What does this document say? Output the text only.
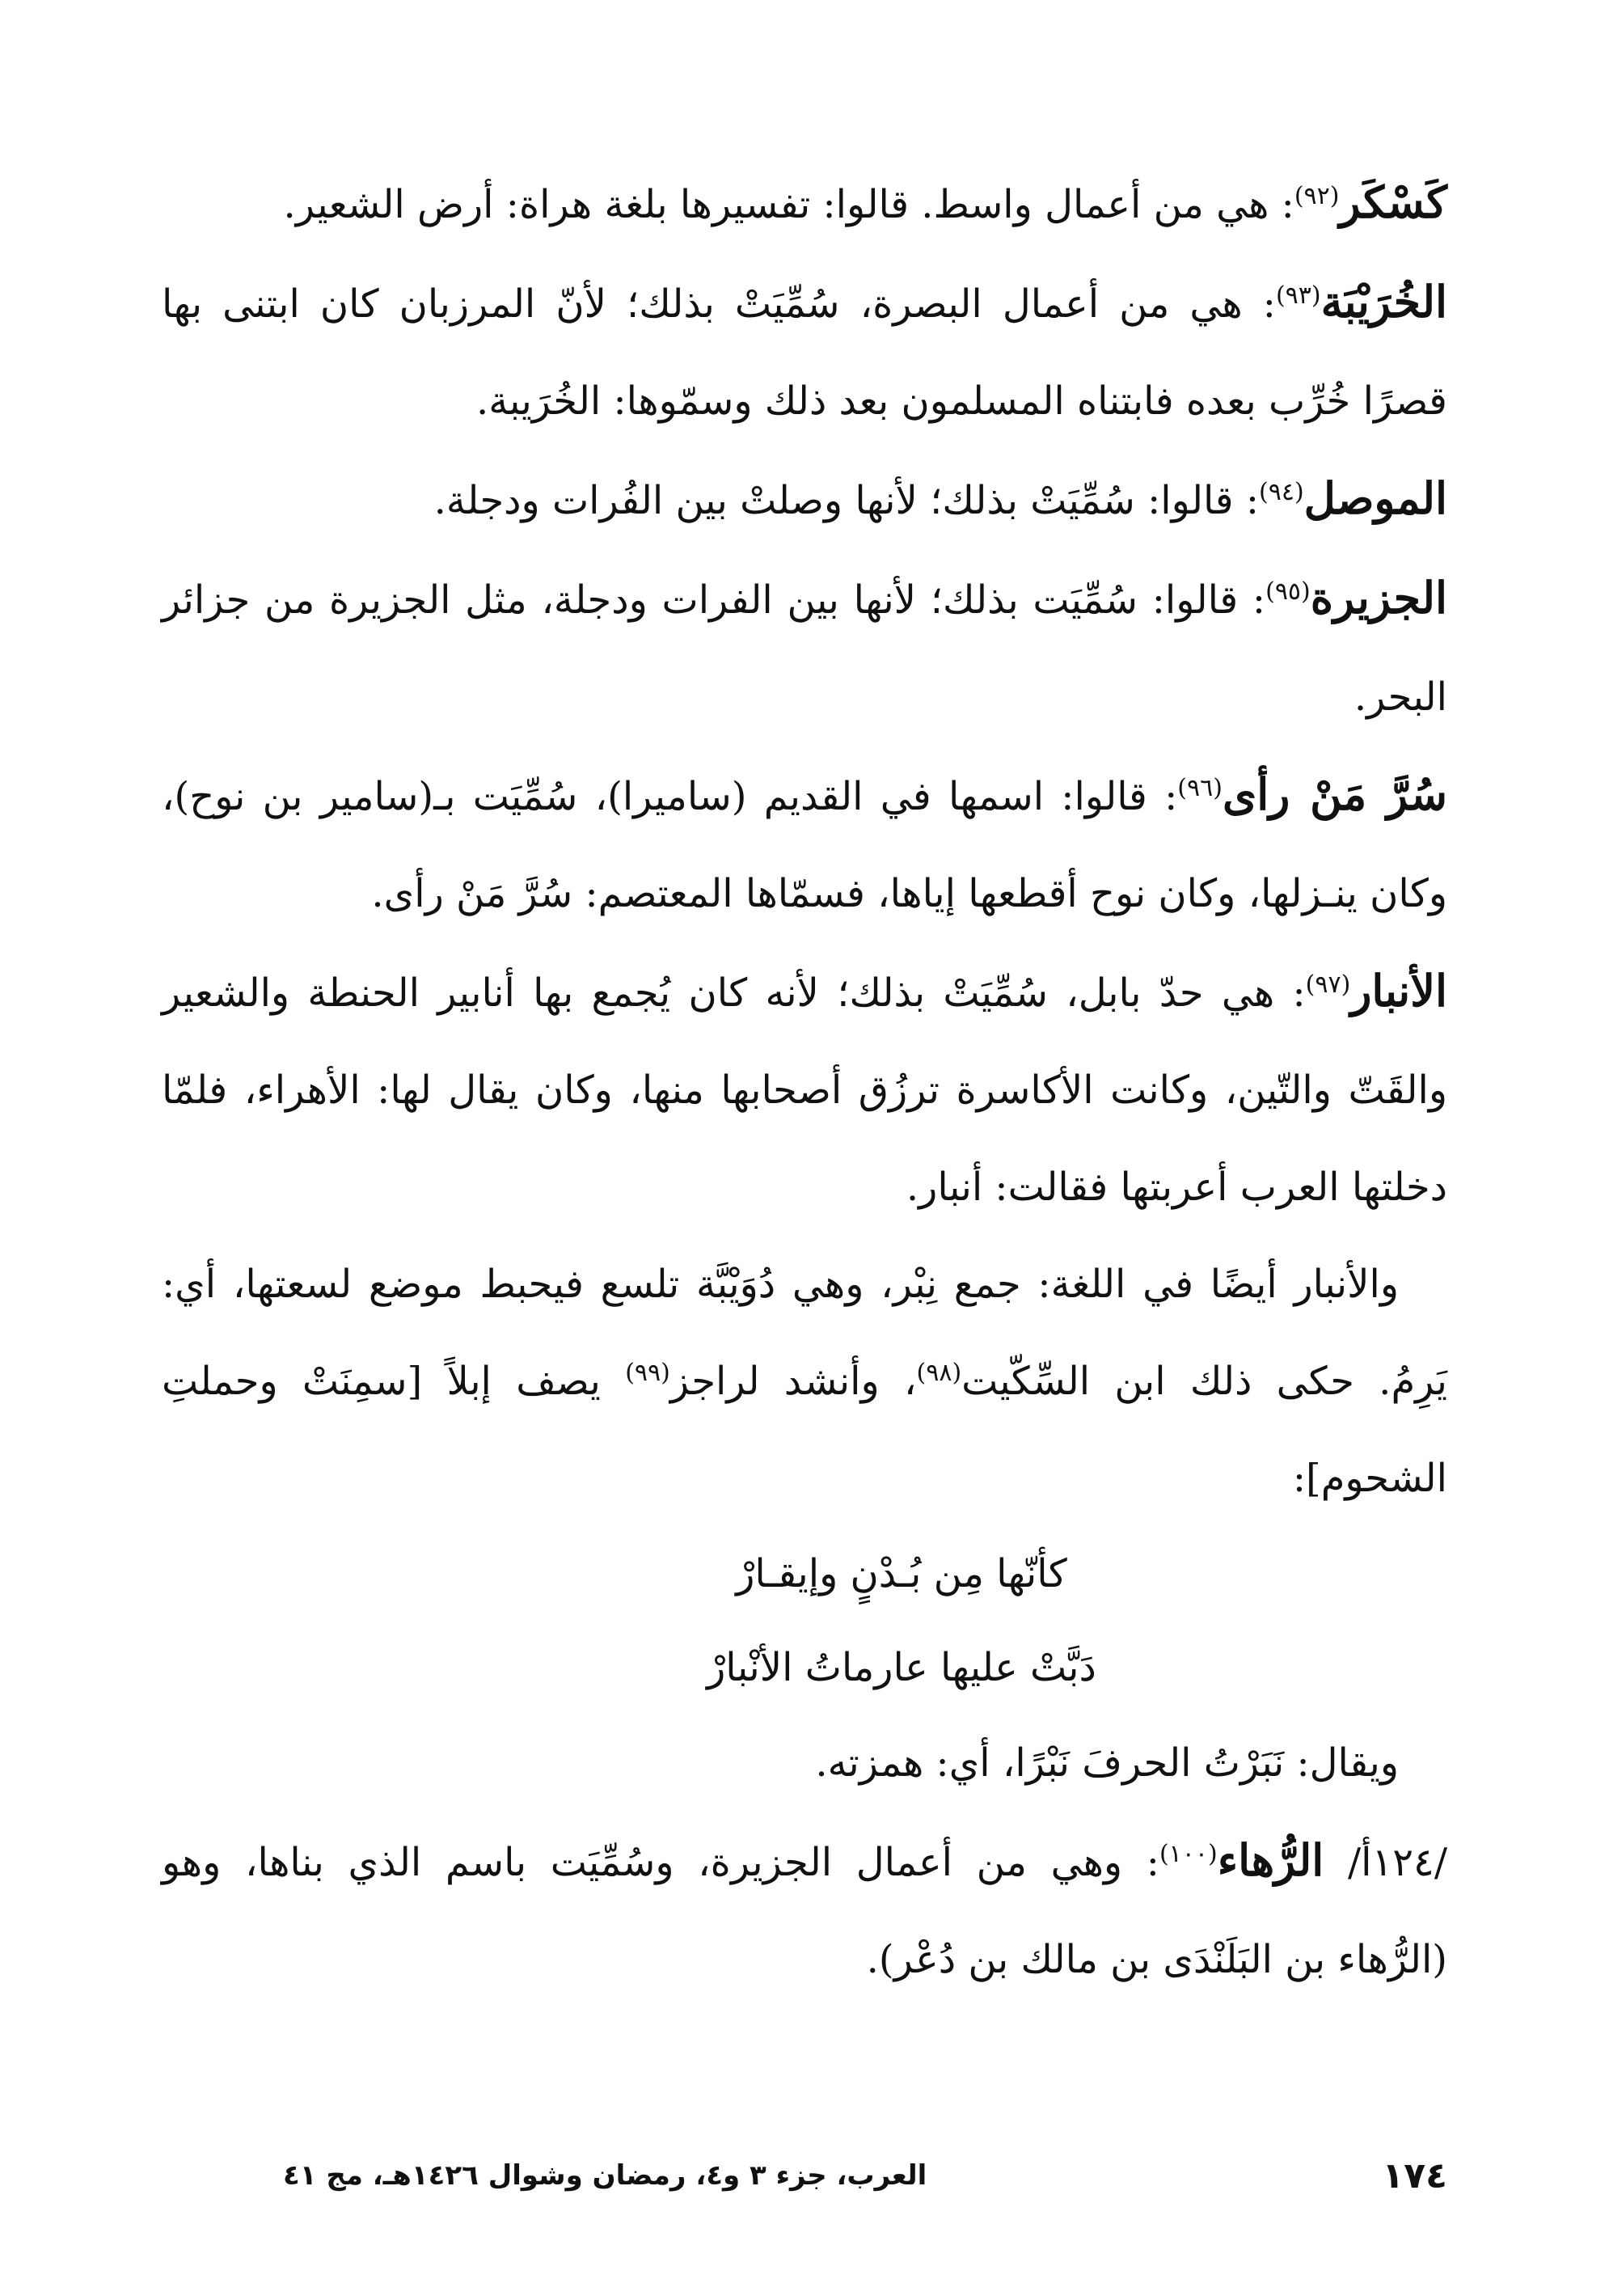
كَسْكَر$^{(٩٢)}$: هي من أعمال واسط. قالوا: تفسيرها بلغة هراة: أرض الشعير.

الخُرَيْبَة$^{(٩٣)}$: هي من أعمال البصرة، سُمِّيَتْ بذلك؛ لأنّ المرزبان كان ابتنى بها قصرًا خُرِّب بعده فابتناه المسلمون بعد ذلك وسمّوها: الخُرَيبة.

الموصل$^{(٩٤)}$: قالوا: سُمِّيَتْ بذلك؛ لأنها وصلتْ بين الفُرات ودجلة.

الجزيرة$^{(٩٥)}$: قالوا: سُمِّيَت بذلك؛ لأنها بين الفرات ودجلة، مثل الجزيرة من جزائر البحر.

سُرَّ مَنْ رأى$^{(٩٦)}$: قالوا: اسمها في القديم (ساميرا)، سُمِّيَت بـ(سامير بن نوح)، وكان ينـزلها، وكان نوح أقطعها إياها، فسمّاها المعتصم: سُرَّ مَنْ رأى.

الأنبار$^{(٩٧)}$: هي حدّ بابل، سُمِّيَتْ بذلك؛ لأنه كان يُجمع بها أنابير الحنطة والشعير والقَتّ والتّين، وكانت الأكاسرة ترزُق أصحابها منها، وكان يقال لها: الأهراء، فلمّا دخلتها العرب أعربتها فقالت: أنبار.

والأنبار أيضًا في اللغة: جمع نِبْر، وهي دُوَيْبَّة تلسع فيحبط موضع لسعتها، أي: يَرِمُ. حكى ذلك ابن السِّكّيت$^{(٩٨)}$، وأنشد لراجز$^{(٩٩)}$ يصف إبلاً [سمِنَتْ وحملتِ الشحوم]:

كأنّها مِن بُـدْنٍ وإيقـارْ

دَبَّتْ عليها عارماتُ الأنْبارْ

ويقال: نَبَرْتُ الحرفَ نَبْرًا، أي: همزته.

/١٢٤أ/ الرُّهاء$^{(١٠٠)}$: وهي من أعمال الجزيرة، وسُمِّيَت باسم الذي بناها، وهو (الرُّهاء بن البَلَنْدَى بن مالك بن دُعْر).

١٧٤
العرب، جزء ٣ و٤، رمضان وشوال ١٤٢٦هـ، مج ٤١
